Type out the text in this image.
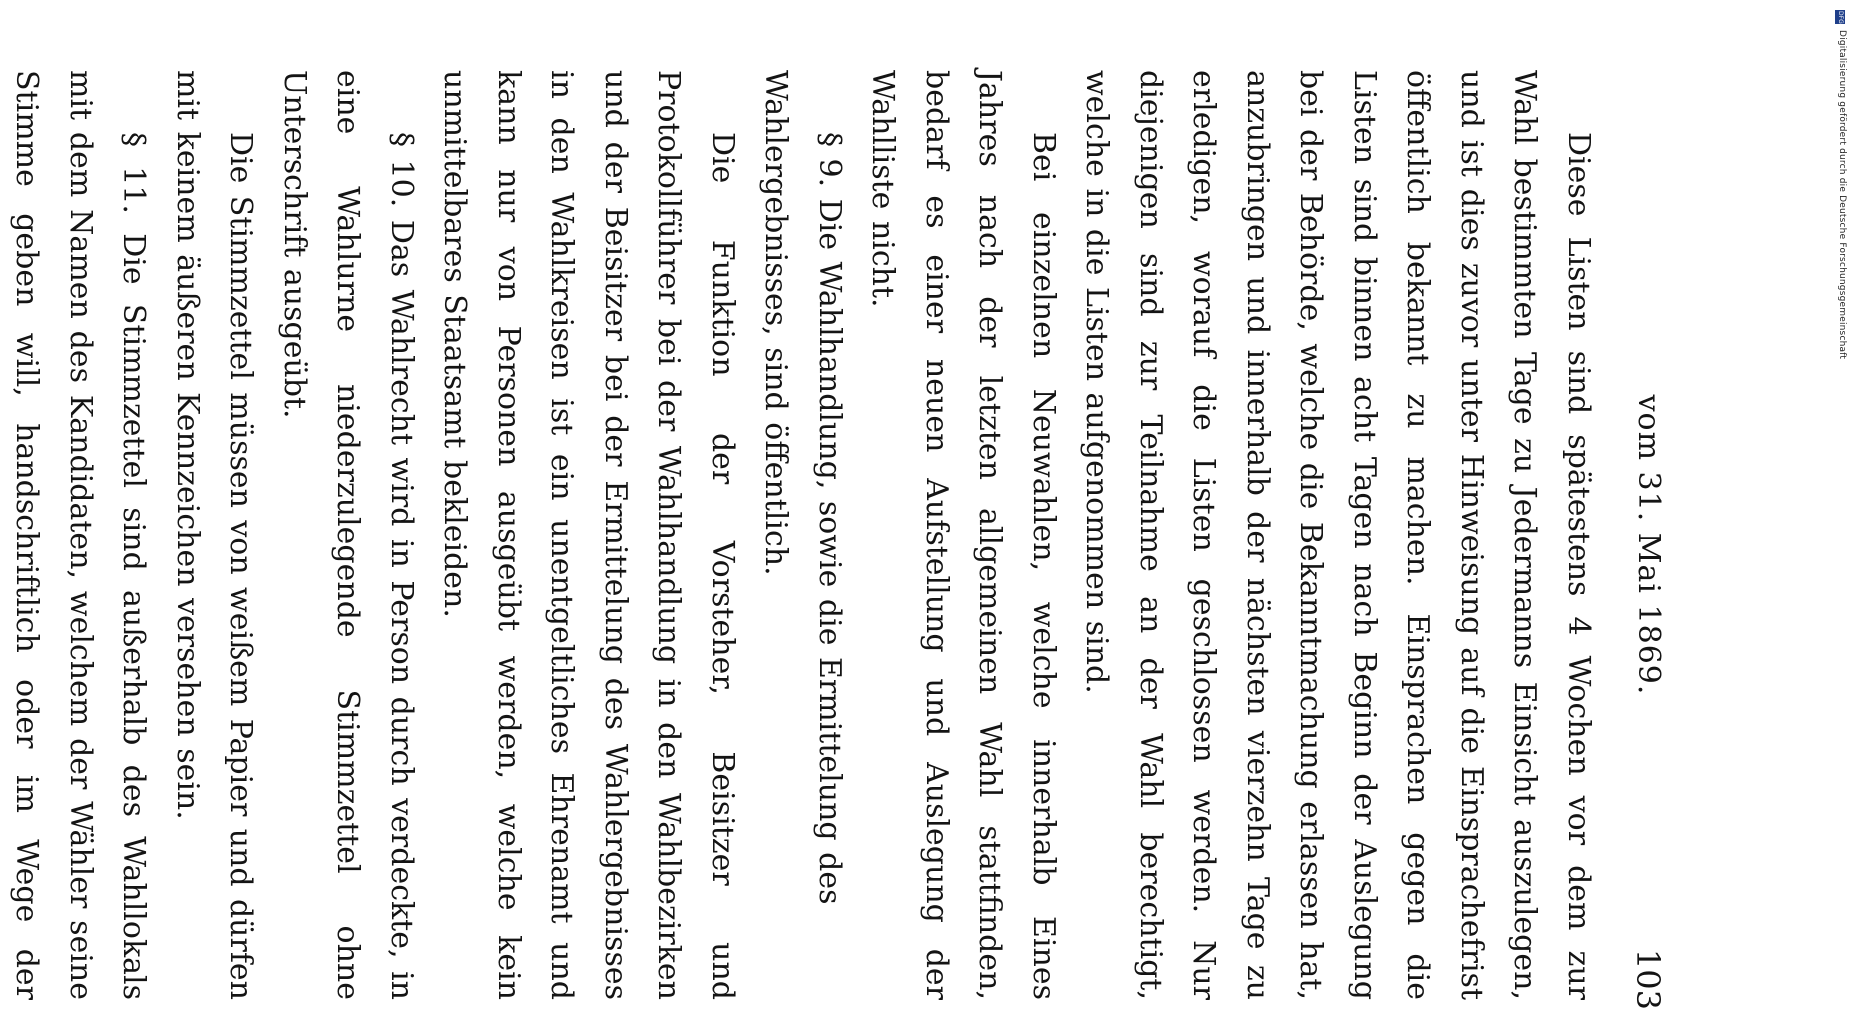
vom 31. Mai 1869.
103

Diese Listen sind spätestens 4 Wochen vor dem zur Wahl bestimmten Tage zu Jedermanns Einsicht auszulegen, und ist dies zuvor unter Hinweisung auf die Einsprachefrist öffentlich bekannt zu machen. Einsprachen gegen die Listen sind binnen acht Tagen nach Beginn der Auslegung bei der Behörde, welche die Bekanntmachung erlassen hat, anzubringen und innerhalb der nächsten vierzehn Tage zu erledigen, worauf die Listen geschlossen werden. Nur diejenigen sind zur Teilnahme an der Wahl berechtigt, welche in die Listen aufgenommen sind.

Bei einzelnen Neuwahlen, welche innerhalb Eines Jahres nach der letzten allgemeinen Wahl stattfinden, bedarf es einer neuen Aufstellung und Auslegung der Wahlliste nicht.

§ 9. Die Wahlhandlung, sowie die Ermittelung des Wahlergebnisses, sind öffentlich.

Die Funktion der Vorsteher, Beisitzer und Protokollführer bei der Wahlhandlung in den Wahlbezirken und der Beisitzer bei der Ermittelung des Wahlergebnisses in den Wahlkreisen ist ein unentgeltliches Ehrenamt und kann nur von Personen ausgeübt werden, welche kein unmittelbares Staatsamt bekleiden.

§ 10. Das Wahlrecht wird in Person durch verdeckte, in eine Wahlurne niederzulegende Stimmzettel ohne Unterschrift ausgeübt.

Die Stimmzettel müssen von weißem Papier und dürfen mit keinem äußeren Kennzeichen versehen sein.

§ 11. Die Stimmzettel sind außerhalb des Wahllokals mit dem Namen des Kandidaten, welchem der Wähler seine Stimme geben will, handschriftlich oder im Wege der

DFG
Digitalisierung gefördert durch die Deutsche Forschungsgemeinschaft
